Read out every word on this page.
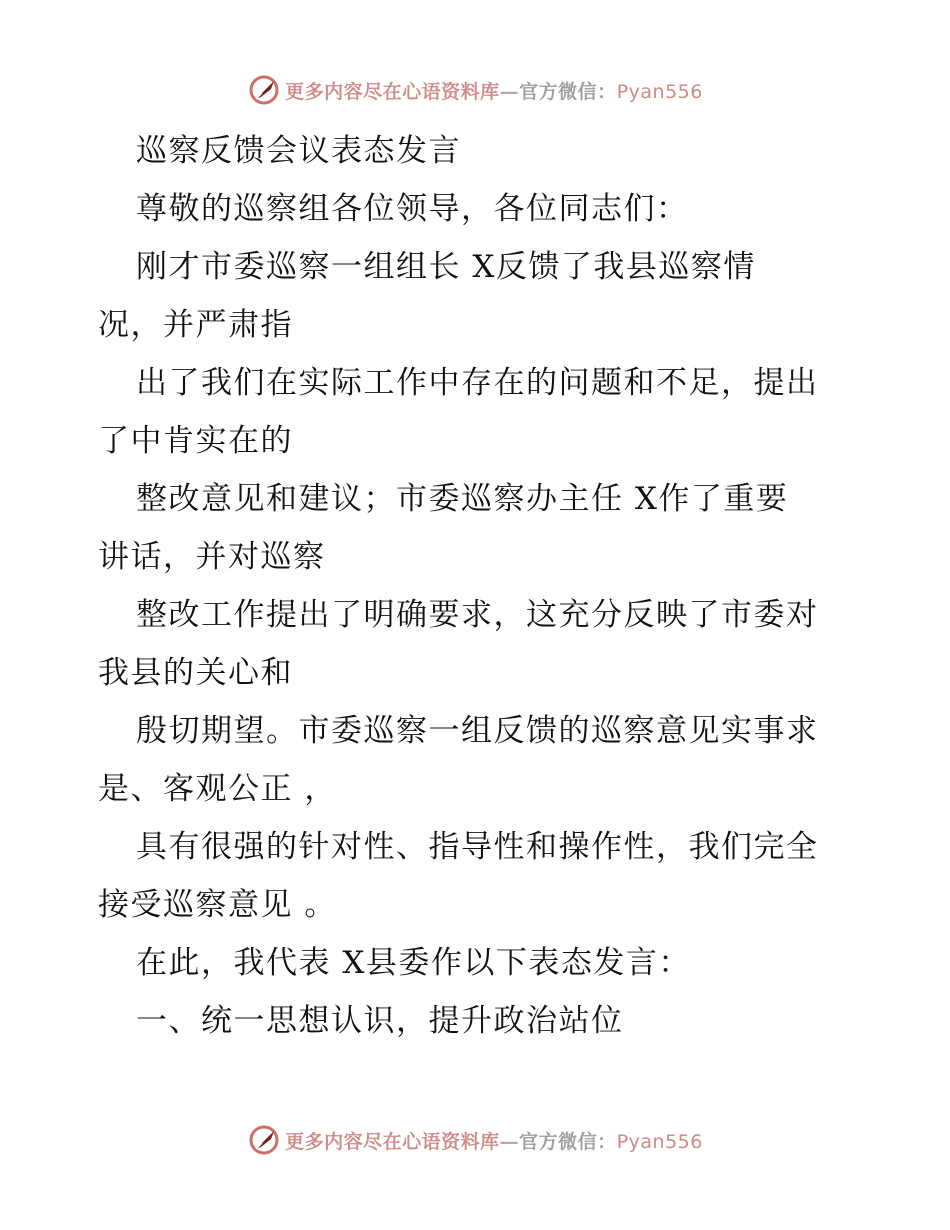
更多内容尽在心语资料库—官方微信：Pyan556
巡察反馈会议表态发言
尊敬的巡察组各位领导，各位同志们：
刚才市委巡察一组组长 X反馈了我县巡察情
况，并严肃指
出了我们在实际工作中存在的问题和不足，提出
了中肯实在的
整改意见和建议；市委巡察办主任 X作了重要
讲话，并对巡察
整改工作提出了明确要求，这充分反映了市委对
我县的关心和
殷切期望。市委巡察一组反馈的巡察意见实事求
是、客观公正 ，
具有很强的针对性、指导性和操作性，我们完全
接受巡察意见 。
在此，我代表 X县委作以下表态发言：
一、统一思想认识，提升政治站位
更多内容尽在心语资料库—官方微信：Pyan556
